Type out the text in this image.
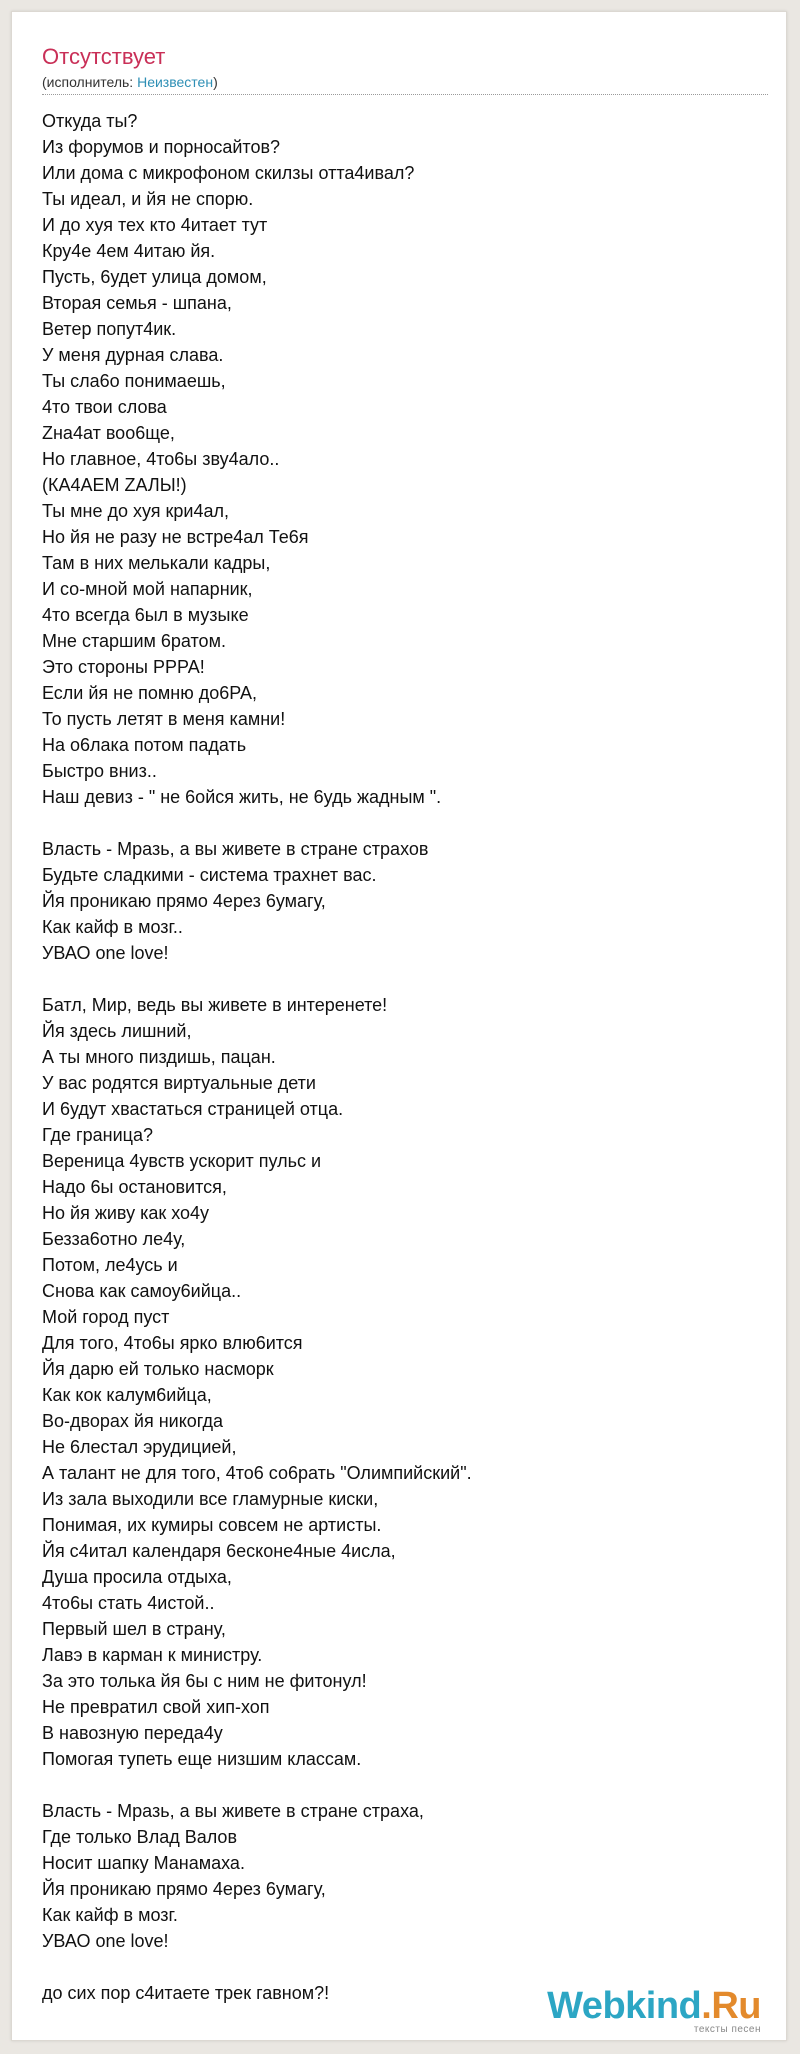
Отсутствует
(исполнитель: Неизвестен)
Откуда ты?
Из форумов и порносайтов?
Или дома с микрофоном скилзы отта4ивал?
Ты идеал, и йя не спорю.
И до хуя тех кто 4итает тут
Кру4е 4ем 4итаю йя.
Пусть, 6удет улица домом,
Вторая семья - шпана,
Ветер попут4ик.
У меня дурная слава.
Ты сла6о понимаешь,
4то твои слова
Zна4ат воо6ще,
Но главное, 4то6ы зву4ало..
(КА4АЕМ ZАЛЫ!)
Ты мне до хуя кри4ал,
Но йя не разу не встре4ал Те6я
Там в них мелькали кадры,
И со-мной мой напарник,
4то всегда 6ыл в музыке
Мне старшим 6ратом.
Это стороны РРРА!
Если йя не помню до6РА,
То пусть летят в меня камни!
На о6лака потом падать
Быстро вниз..
Наш девиз - " не 6ойся жить, не 6удь жадным ".
Власть - Мразь, а вы живете в стране страхов
Будьте сладкими - система трахнет вас.
Йя проникаю прямо 4ерез 6умагу,
Как кайф в мозг..
УВАО one love!
Батл, Мир, ведь вы живете в интеренете!
Йя здесь лишний,
А ты много пиздишь, пацан.
У вас родятся виртуальные дети
И 6удут хвастаться страницей отца.
Где граница?
Вереница 4увств ускорит пульс и
Надо 6ы остановится,
Но йя живу как хо4у
Безза6отно ле4у,
Потом, ле4усь и
Снова как самоу6ийца..
Мой город пуст
Для того, 4то6ы ярко влю6ится
Йя дарю ей только насморк
Как кок калум6ийца,
Во-дворах йя никогда
Не 6лестал эрудицией,
А талант не для того, 4то6 со6рать "Олимпийский".
Из зала выходили все гламурные киски,
Понимая, их кумиры совсем не артисты.
Йя с4итал календаря 6есконе4ные 4исла,
Душа просила отдыха,
4то6ы стать 4истой..
Первый шел в страну,
Лавэ в карман к министру.
За это толька йя 6ы с ним не фитонул!
Не превратил свой хип-хоп
В навозную переда4у
Помогая тупеть еще низшим классам.
Власть - Мразь, а вы живете в стране страха,
Где только Влад Валов
Носит шапку Манамаха.
Йя проникаю прямо 4ерез 6умагу,
Как кайф в мозг.
УВАО one love!
до сих пор с4итаете трек гавном?!	Webkind.Ru
тексты песен
